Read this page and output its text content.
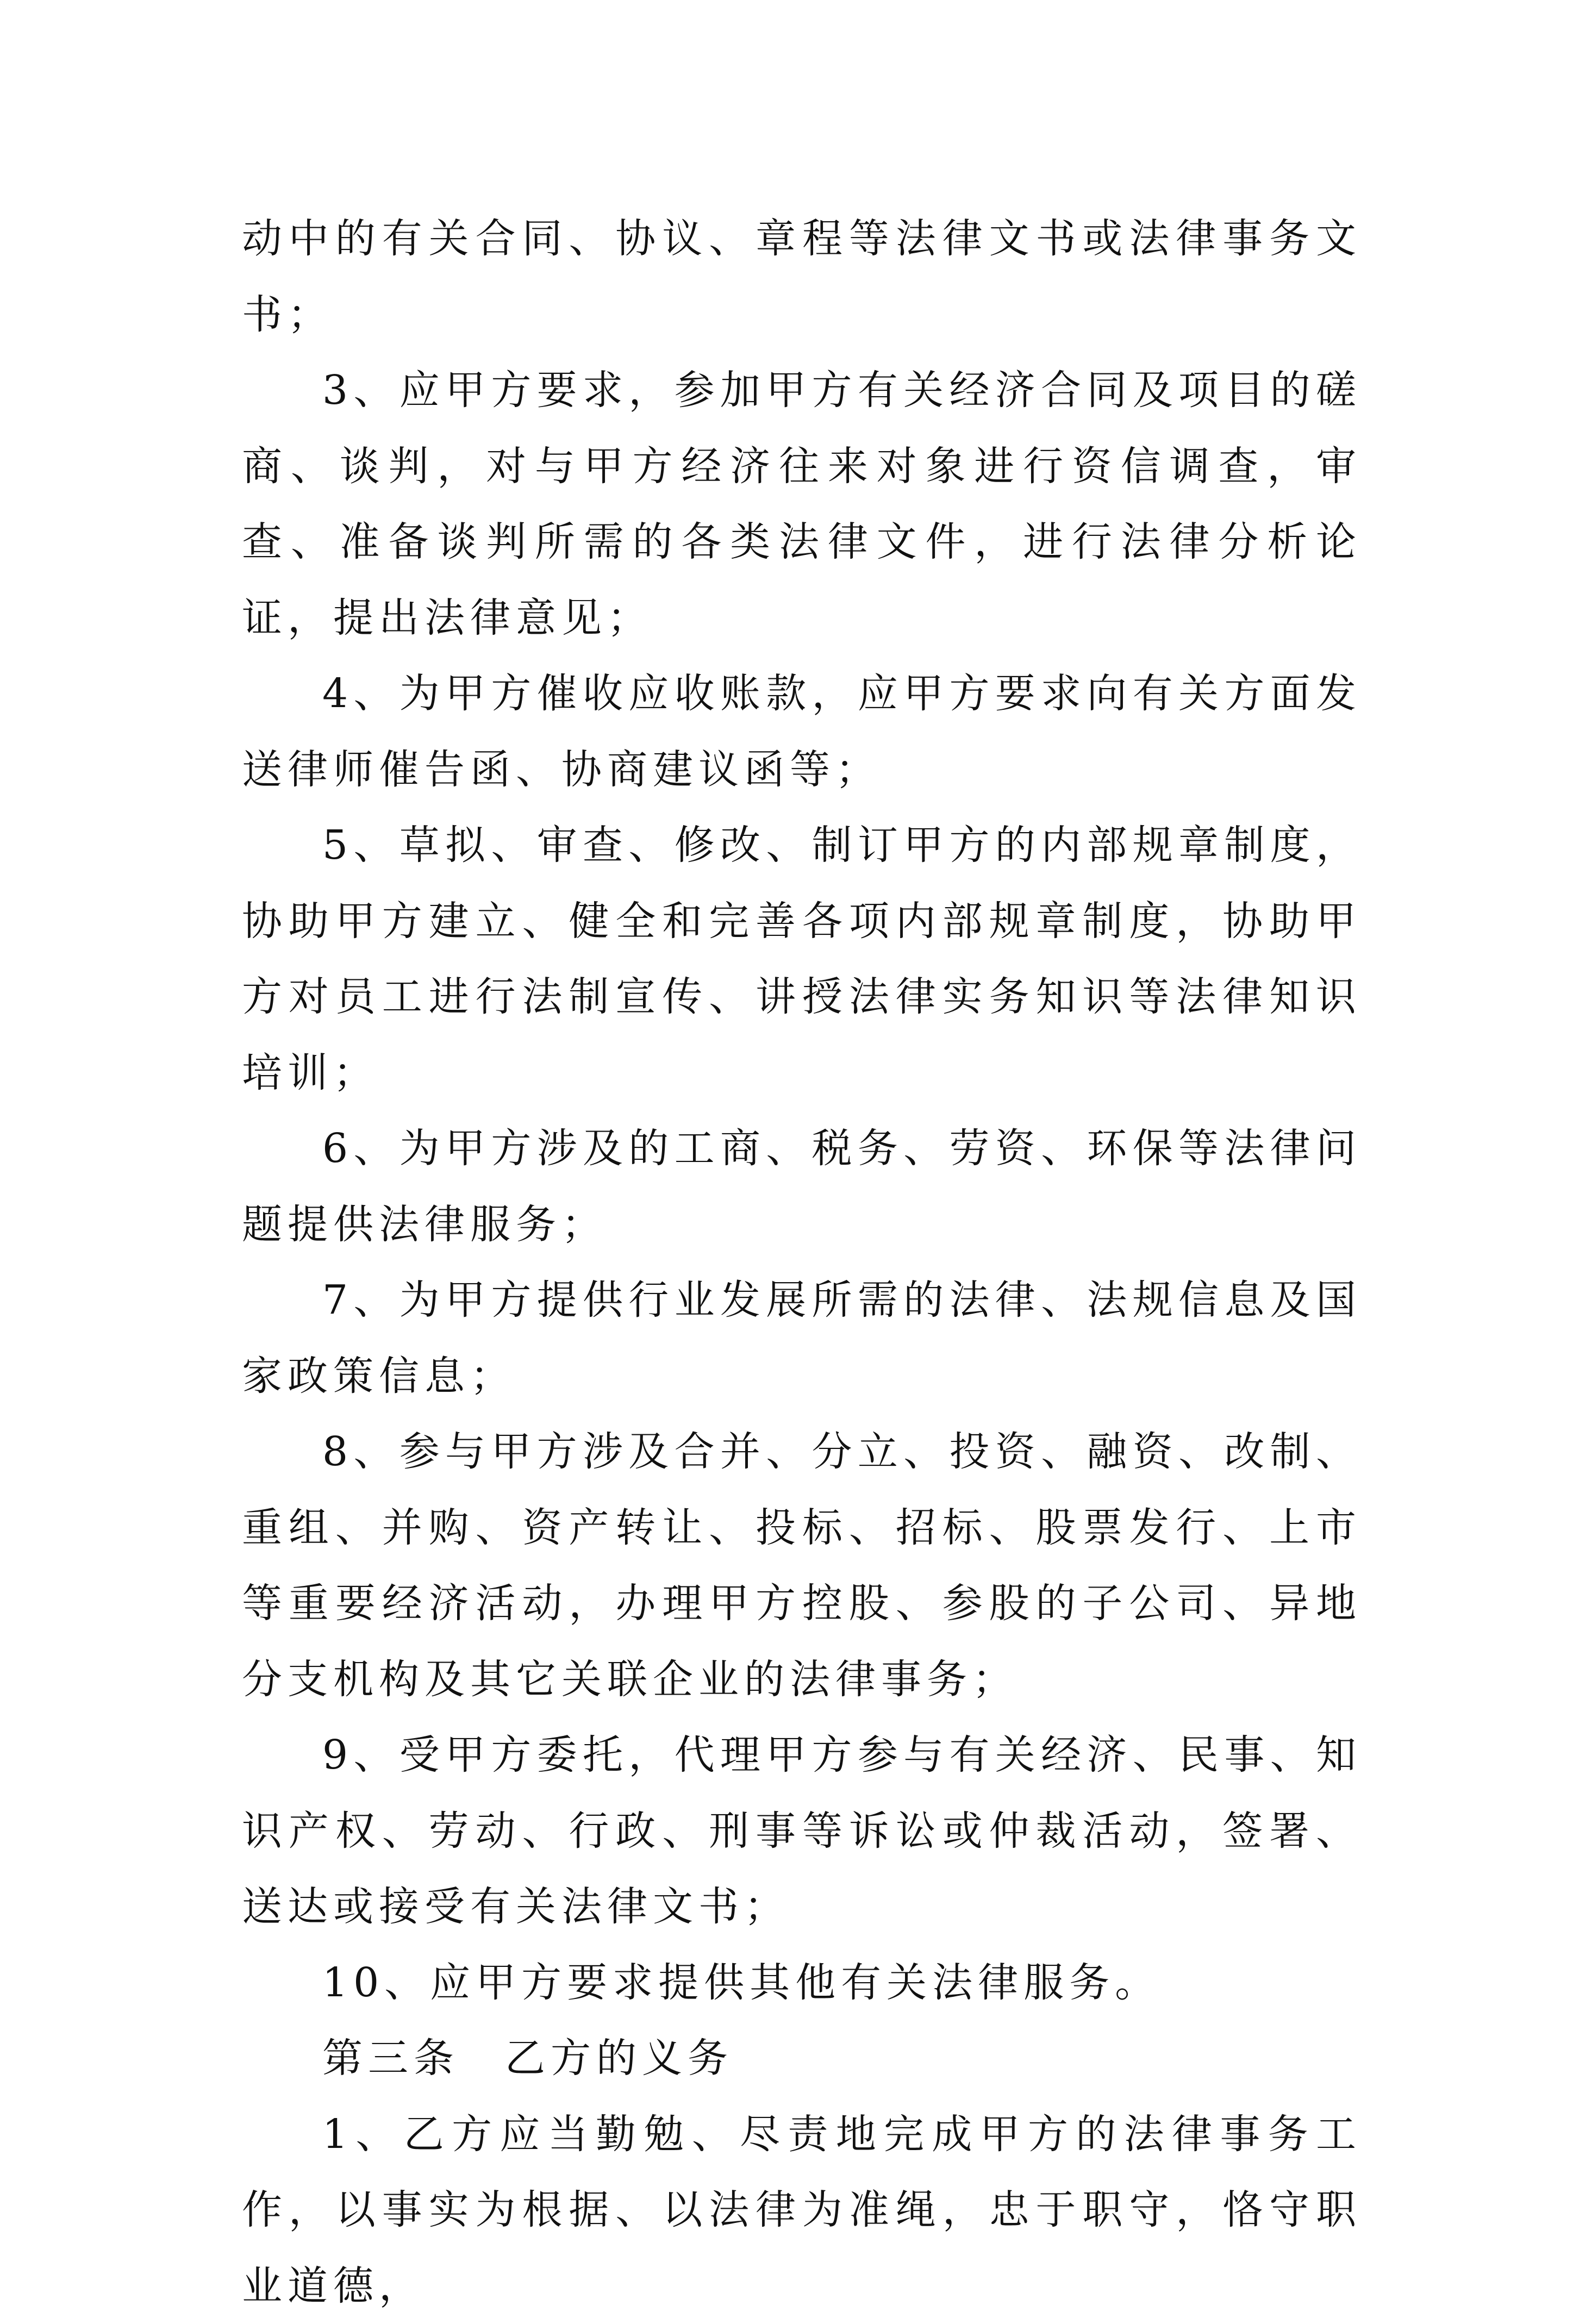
动中的有关合同、协议、章程等法律文书或法律事务文书；

3、应甲方要求，参加甲方有关经济合同及项目的磋商、谈判，对与甲方经济往来对象进行资信调查，审查、准备谈判所需的各类法律文件，进行法律分析论证，提出法律意见；

4、为甲方催收应收账款，应甲方要求向有关方面发送律师催告函、协商建议函等；

5、草拟、审查、修改、制订甲方的内部规章制度，协助甲方建立、健全和完善各项内部规章制度，协助甲方对员工进行法制宣传、讲授法律实务知识等法律知识培训；

6、为甲方涉及的工商、税务、劳资、环保等法律问题提供法律服务；

7、为甲方提供行业发展所需的法律、法规信息及国家政策信息；

8、参与甲方涉及合并、分立、投资、融资、改制、重组、并购、资产转让、投标、招标、股票发行、上市等重要经济活动，办理甲方控股、参股的子公司、异地分支机构及其它关联企业的法律事务；

9、受甲方委托，代理甲方参与有关经济、民事、知识产权、劳动、行政、刑事等诉讼或仲裁活动，签署、送达或接受有关法律文书；

10、应甲方要求提供其他有关法律服务。

第三条　乙方的义务

1、乙方应当勤勉、尽责地完成甲方的法律事务工作，以事实为根据、以法律为准绳，忠于职守，恪守职业道德，
